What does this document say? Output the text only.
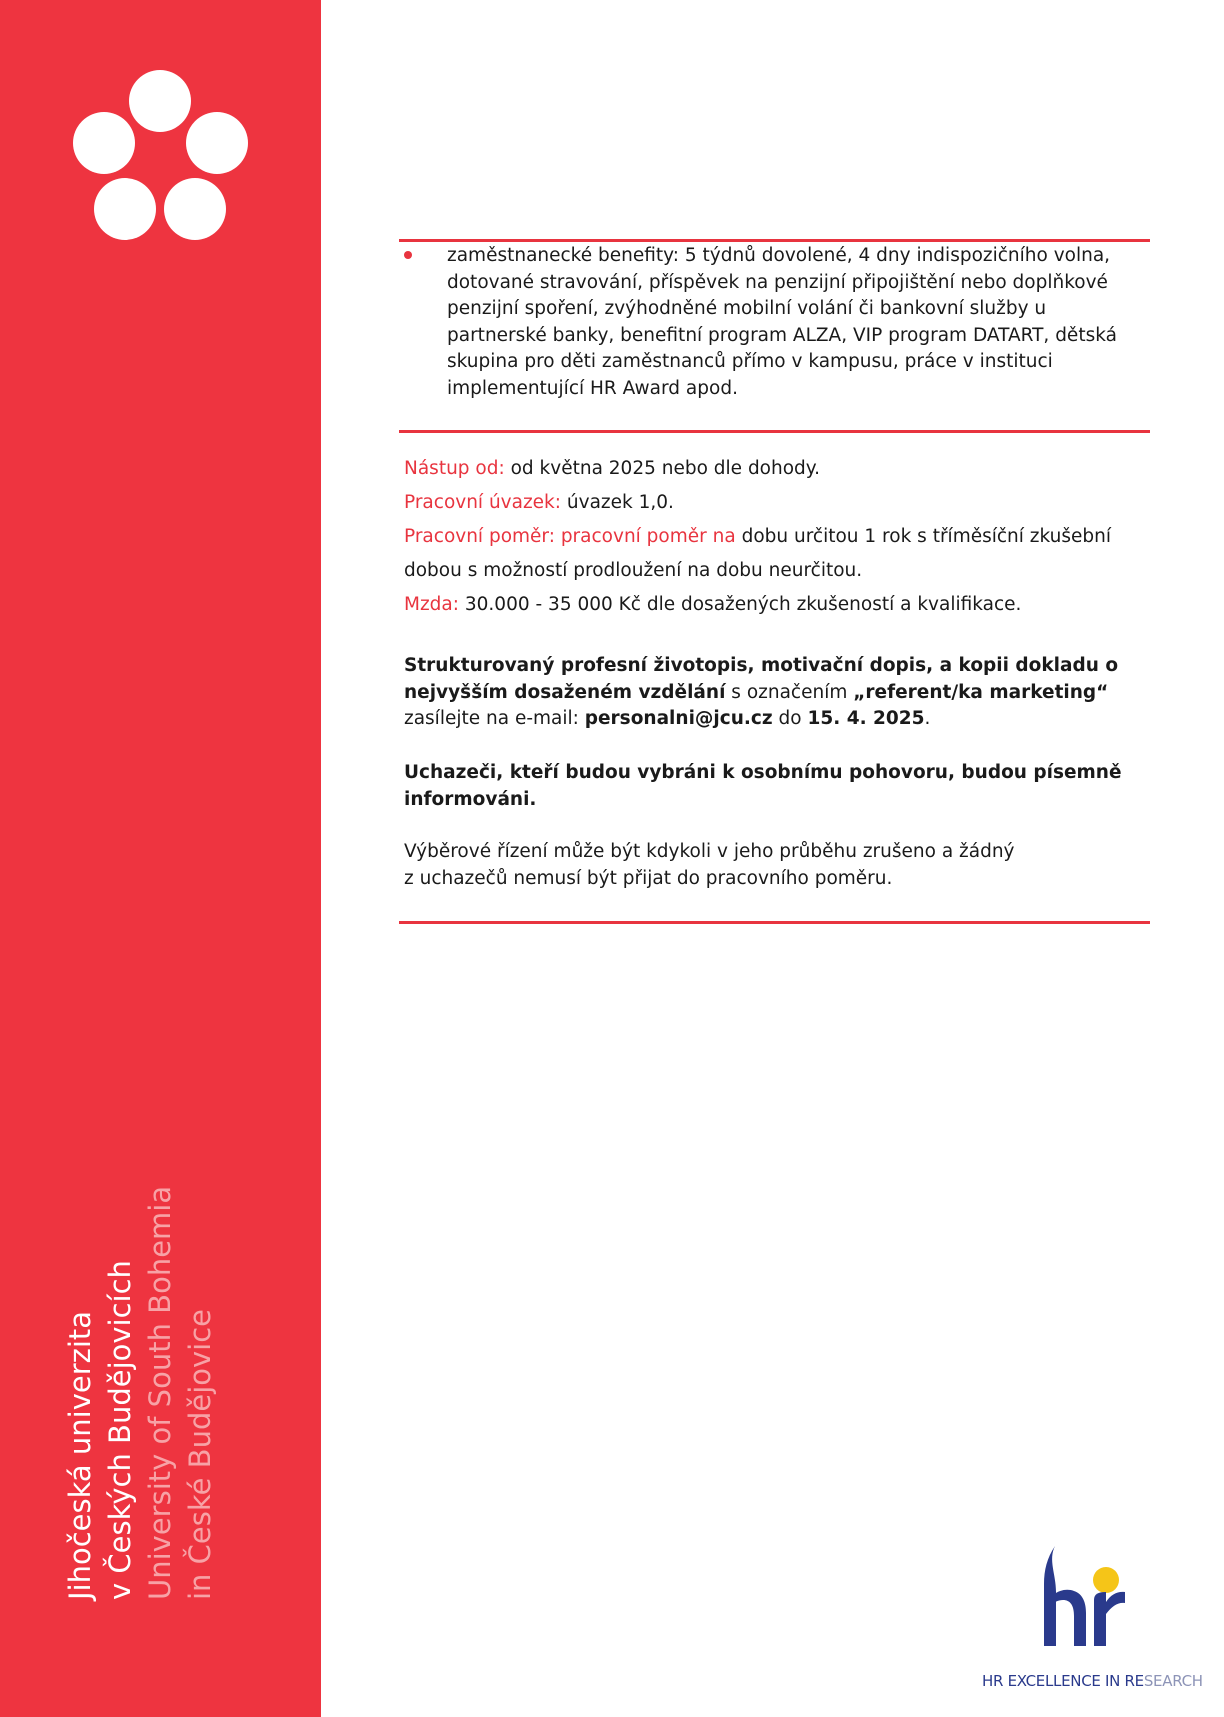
Jihočeská univerzita v Českých Budějovicích University of South Bohemia in České Budějovice
zaměstnanecké benefity: 5 týdnů dovolené, 4 dny indispozičního volna, dotované stravování, příspěvek na penzijní připojištění nebo doplňkové penzijní spoření, zvýhodněné mobilní volání či bankovní služby u partnerské banky, benefitní program ALZA, VIP program DATART, dětská skupina pro děti zaměstnanců přímo v kampusu, práce v instituci implementující HR Award apod.

Nástup od: od května 2025 nebo dle dohody.

Pracovní úvazek: úvazek 1,0.

Pracovní poměr: pracovní poměr na dobu určitou 1 rok s tříměsíční zkušební dobou s možností prodloužení na dobu neurčitou.

Mzda: 30.000 - 35 000 Kč dle dosažených zkušeností a kvalifikace.

Strukturovaný profesní životopis, motivační dopis, a kopii dokladu o nejvyšším dosaženém vzdělání s označením „referent/ka marketing“ zasílejte na e-mail: personalni@jcu.cz do 15. 4. 2025.

Uchazeči, kteří budou vybráni k osobnímu pohovoru, budou písemně informováni.

Výběrové řízení může být kdykoli v jeho průběhu zrušeno a žádný
z uchazečů nemusí být přijat do pracovního poměru.

HR EXCELLENCE IN RESEARCH
